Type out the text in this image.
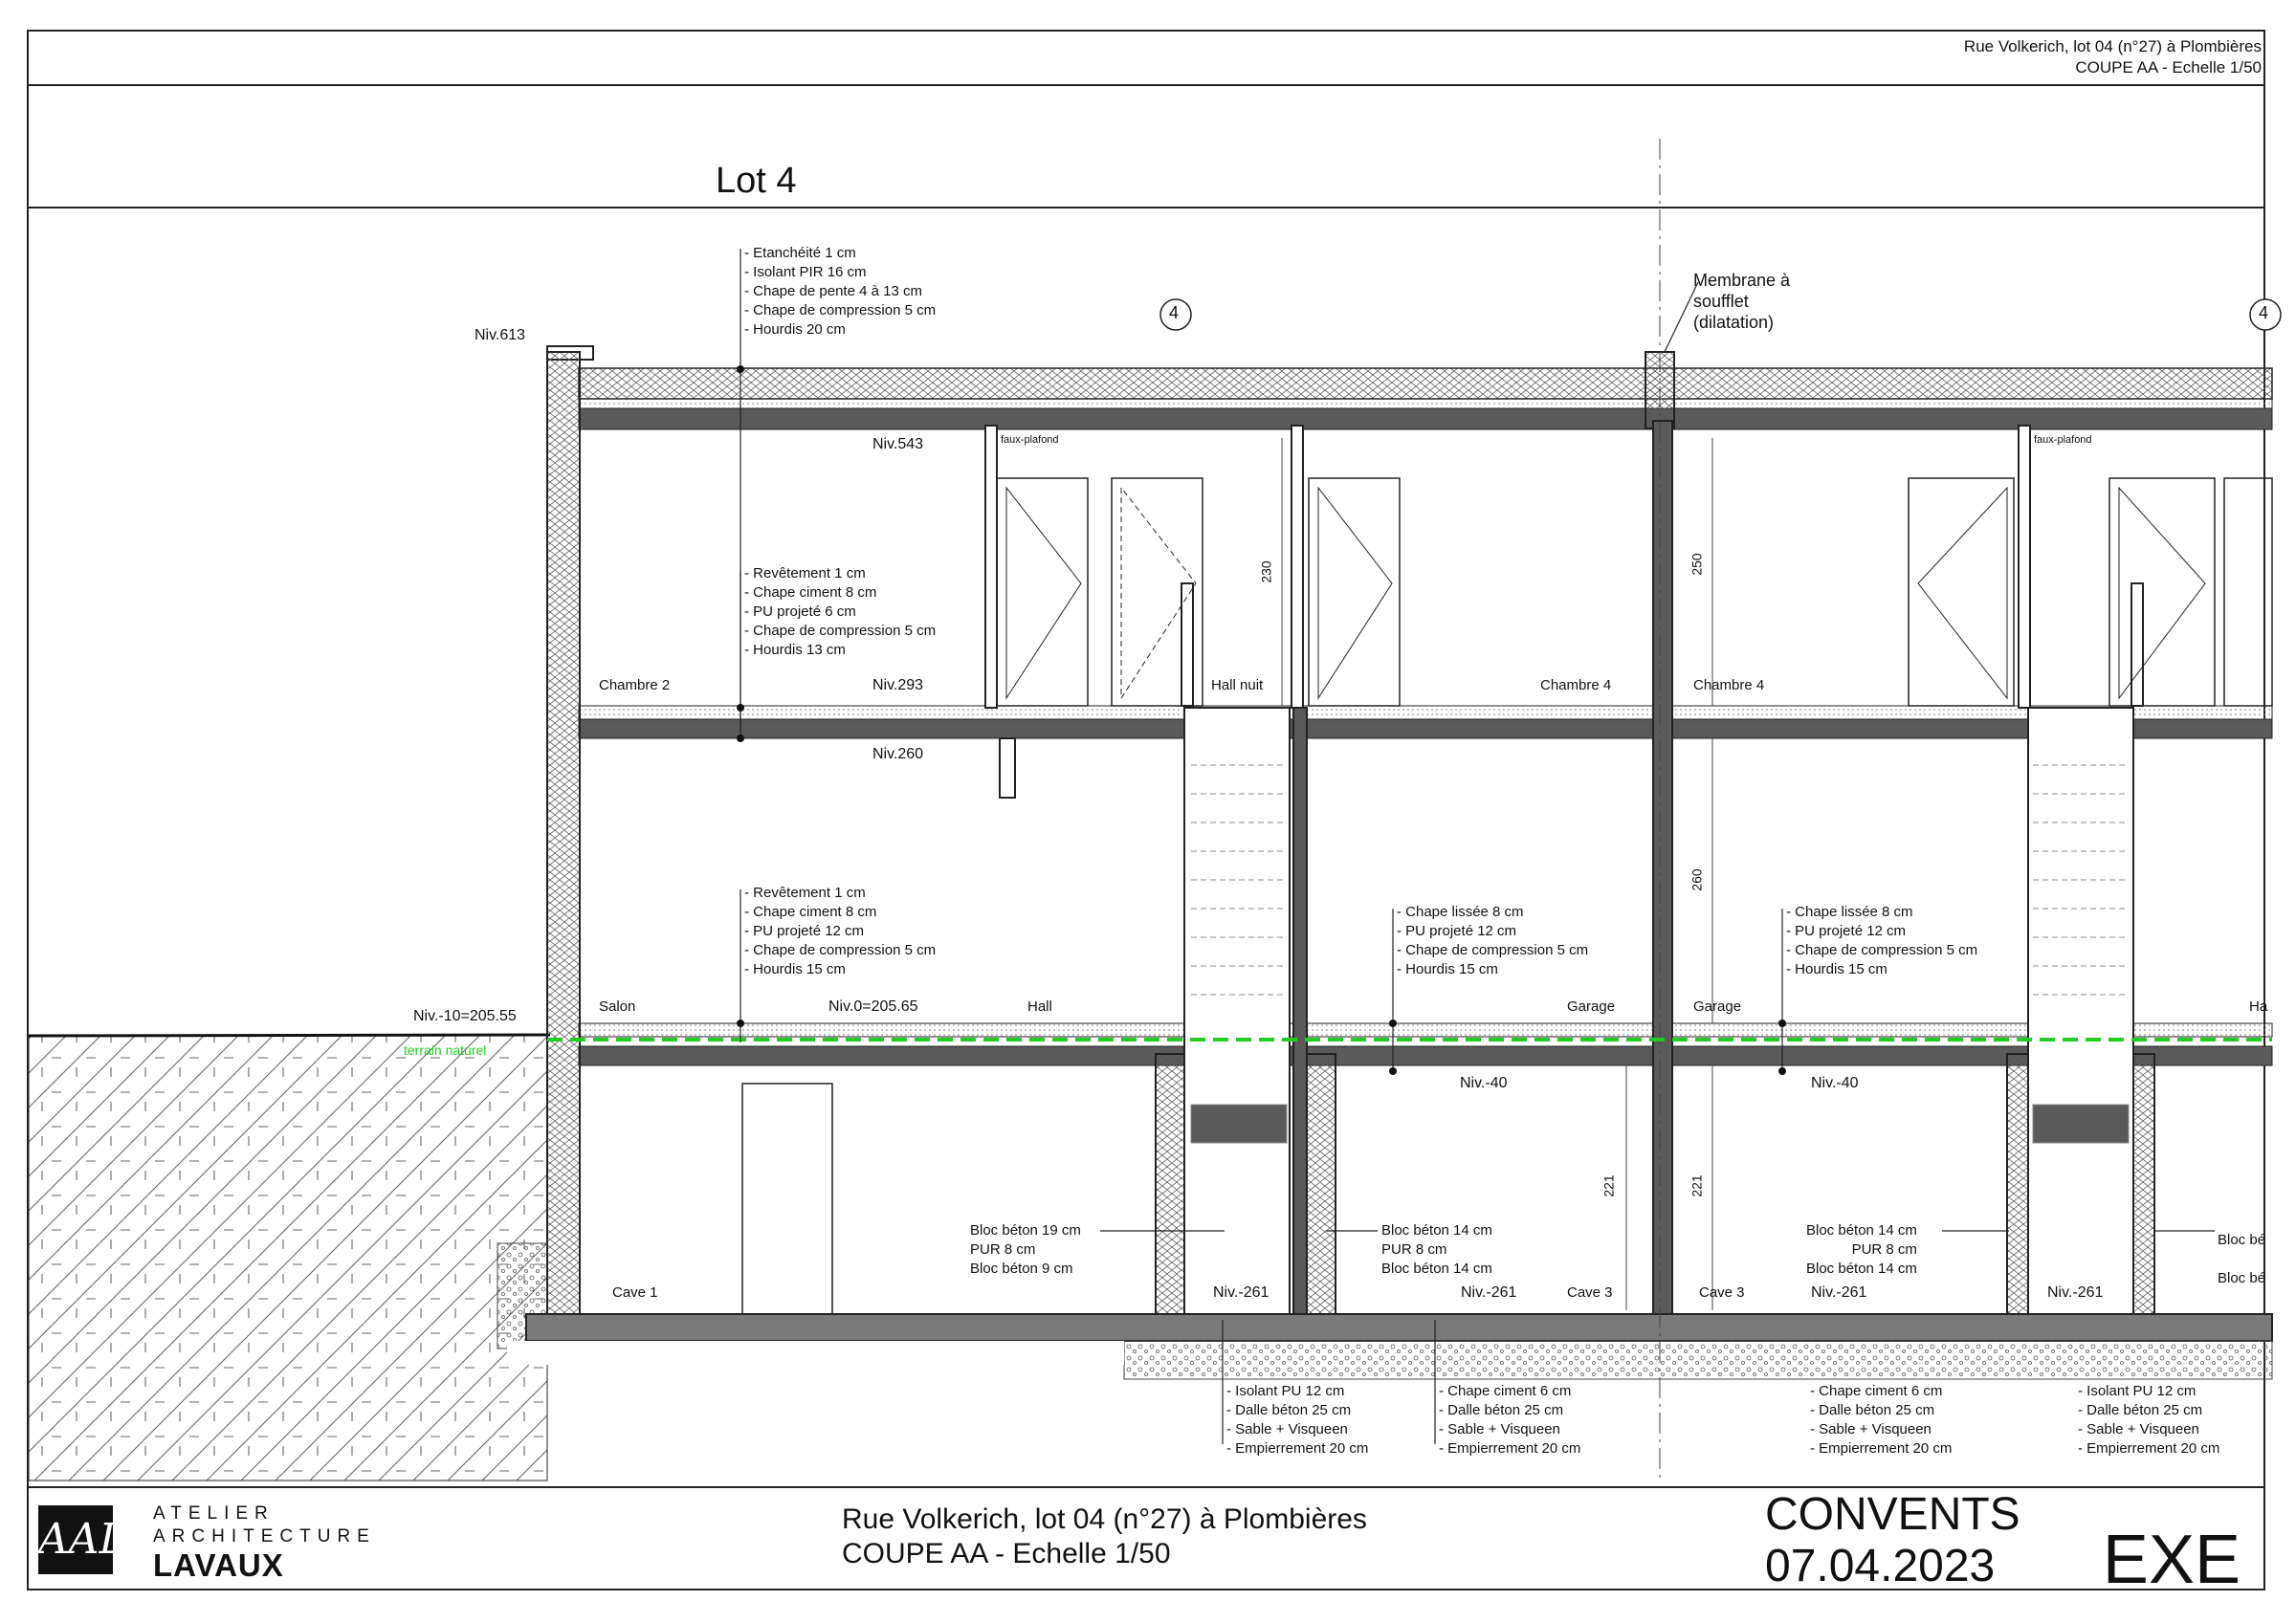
Rue Volkerich, lot 04 (n°27) à Plombières
COUPE AA - Echelle 1/50
Lot 4
4	4
Niv.613
Niv.543
Niv.293
Niv.260
Niv.-10=205.55
Niv.0=205.65
Niv.-40	Niv.-40
Niv.-261	Niv.-261	Niv.-261	Niv.-261
230	250
260
221	221
Chambre 2	Hall nuit	Chambre 4	Chambre 4
Salon	Hall	Garage	Garage	Ha
Cave 1	Cave 3	Cave 3
faux-plafond	faux-plafond
terrain naturel
Membrane à
soufflet
(dilatation)
- Etanchéité 1 cm
- Isolant PIR 16 cm
- Chape de pente 4 à 13 cm
- Chape de compression 5 cm
- Hourdis 20 cm
- Revêtement 1 cm
- Chape ciment 8 cm
- PU projeté 6 cm
- Chape de compression 5 cm
- Hourdis 13 cm
- Revêtement 1 cm
- Chape ciment 8 cm
- PU projeté 12 cm
- Chape de compression 5 cm
- Hourdis 15 cm
- Chape lissée 8 cm
- PU projeté 12 cm
- Chape de compression 5 cm
- Hourdis 15 cm
- Chape lissée 8 cm
- PU projeté 12 cm
- Chape de compression 5 cm
- Hourdis 15 cm
Bloc béton 19 cm
PUR 8 cm
Bloc béton 9 cm
Bloc béton 14 cm
PUR 8 cm
Bloc béton 14 cm
Bloc béton 14 cm
PUR 8 cm
Bloc béton 14 cm
Bloc bé
Bloc bé
- Isolant PU 12 cm
- Dalle béton 25 cm
- Sable + Visqueen
- Empierrement 20 cm
- Chape ciment 6 cm
- Dalle béton 25 cm
- Sable + Visqueen
- Empierrement 20 cm
- Chape ciment 6 cm
- Dalle béton 25 cm
- Sable + Visqueen
- Empierrement 20 cm
- Isolant PU 12 cm
- Dalle béton 25 cm
- Sable + Visqueen
- Empierrement 20 cm
AAL
ATELIER
ARCHITECTURE
LAVAUX
Rue Volkerich, lot 04 (n°27) à Plombières
COUPE AA - Echelle 1/50
CONVENTS
07.04.2023 EXE
